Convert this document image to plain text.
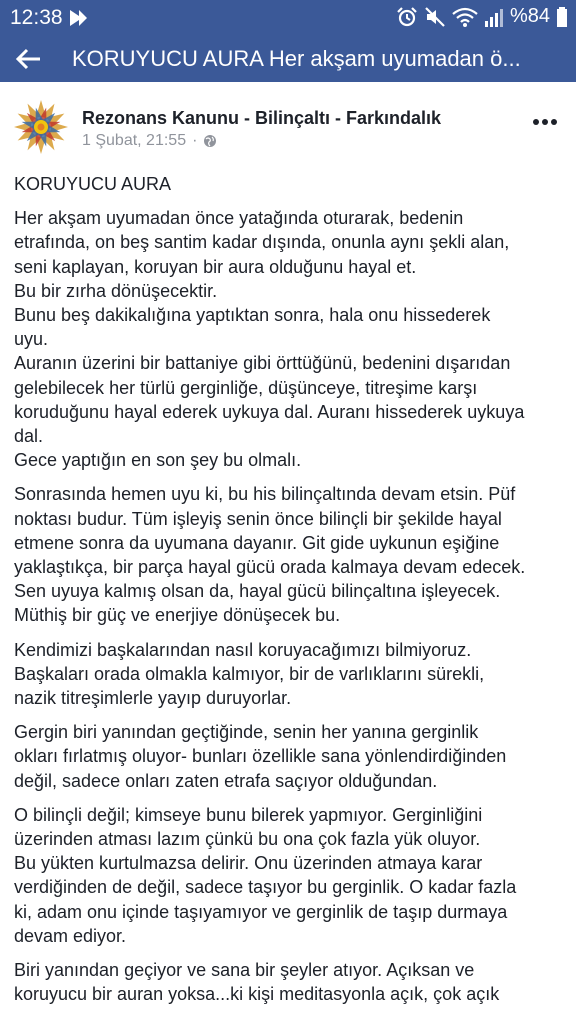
12:38	%84
KORUYUCU AURA Her akşam uyumadan ö...
Rezonans Kanunu - Bilinçaltı - Farkındalık
1 Şubat, 21:55 ·

KORUYUCU AURA

Her akşam uyumadan önce yatağında oturarak, bedenin
etrafında, on beş santim kadar dışında, onunla aynı şekli alan,
seni kaplayan, koruyan bir aura olduğunu hayal et.
Bu bir zırha dönüşecektir.
Bunu beş dakikalığına yaptıktan sonra, hala onu hissederek
uyu.
Auranın üzerini bir battaniye gibi örttüğünü, bedenini dışarıdan
gelebilecek her türlü gerginliğe, düşünceye, titreşime karşı
koruduğunu hayal ederek uykuya dal. Auranı hissederek uykuya
dal.
Gece yaptığın en son şey bu olmalı.

Sonrasında hemen uyu ki, bu his bilinçaltında devam etsin. Püf
noktası budur. Tüm işleyiş senin önce bilinçli bir şekilde hayal
etmene sonra da uyumana dayanır. Git gide uykunun eşiğine
yaklaştıkça, bir parça hayal gücü orada kalmaya devam edecek.
Sen uyuya kalmış olsan da, hayal gücü bilinçaltına işleyecek.
Müthiş bir güç ve enerjiye dönüşecek bu.

Kendimizi başkalarından nasıl koruyacağımızı bilmiyoruz.
Başkaları orada olmakla kalmıyor, bir de varlıklarını sürekli,
nazik titreşimlerle yayıp duruyorlar.

Gergin biri yanından geçtiğinde, senin her yanına gerginlik
okları fırlatmış oluyor- bunları özellikle sana yönlendirdiğinden
değil, sadece onları zaten etrafa saçıyor olduğundan.

O bilinçli değil; kimseye bunu bilerek yapmıyor. Gerginliğini
üzerinden atması lazım çünkü bu ona çok fazla yük oluyor.
Bu yükten kurtulmazsa delirir. Onu üzerinden atmaya karar
verdiğinden de değil, sadece taşıyor bu gerginlik. O kadar fazla
ki, adam onu içinde taşıyamıyor ve gerginlik de taşıp durmaya
devam ediyor.

Biri yanından geçiyor ve sana bir şeyler atıyor. Açıksan ve
koruyucu bir auran yoksa...ki kişi meditasyonla açık, çok açık
